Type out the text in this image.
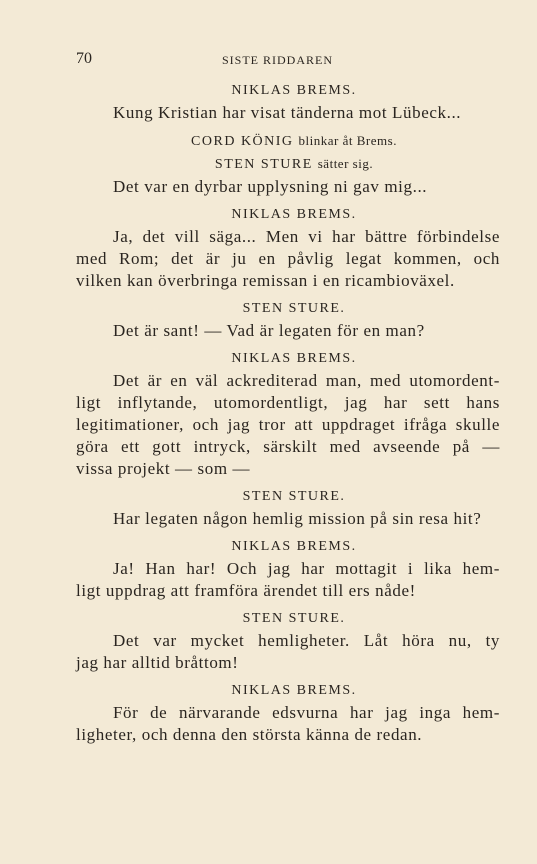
70	SISTE RIDDAREN
NIKLAS BREMS.
Kung Kristian har visat tänderna mot Lübeck...
CORD KÖNIG blinkar åt Brems.
STEN STURE sätter sig.
Det var en dyrbar upplysning ni gav mig...
NIKLAS BREMS.
Ja, det vill säga... Men vi har bättre förbindelse
med Rom; det är ju en påvlig legat kommen, och
vilken kan överbringa remissan i en ricambioväxel.
STEN STURE.
Det är sant! — Vad är legaten för en man?
NIKLAS BREMS.
Det är en väl ackrediterad man, med utomordent-
ligt inflytande, utomordentligt, jag har sett hans
legitimationer, och jag tror att uppdraget ifråga skulle
göra ett gott intryck, särskilt med avseende på —
vissa projekt — som —
STEN STURE.
Har legaten någon hemlig mission på sin resa hit?
NIKLAS BREMS.
Ja! Han har! Och jag har mottagit i lika hem-
ligt uppdrag att framföra ärendet till ers nåde!
STEN STURE.
Det var mycket hemligheter. Låt höra nu, ty
jag har alltid bråttom!
NIKLAS BREMS.
För de närvarande edsvurna har jag inga hem-
ligheter, och denna den största känna de redan.
